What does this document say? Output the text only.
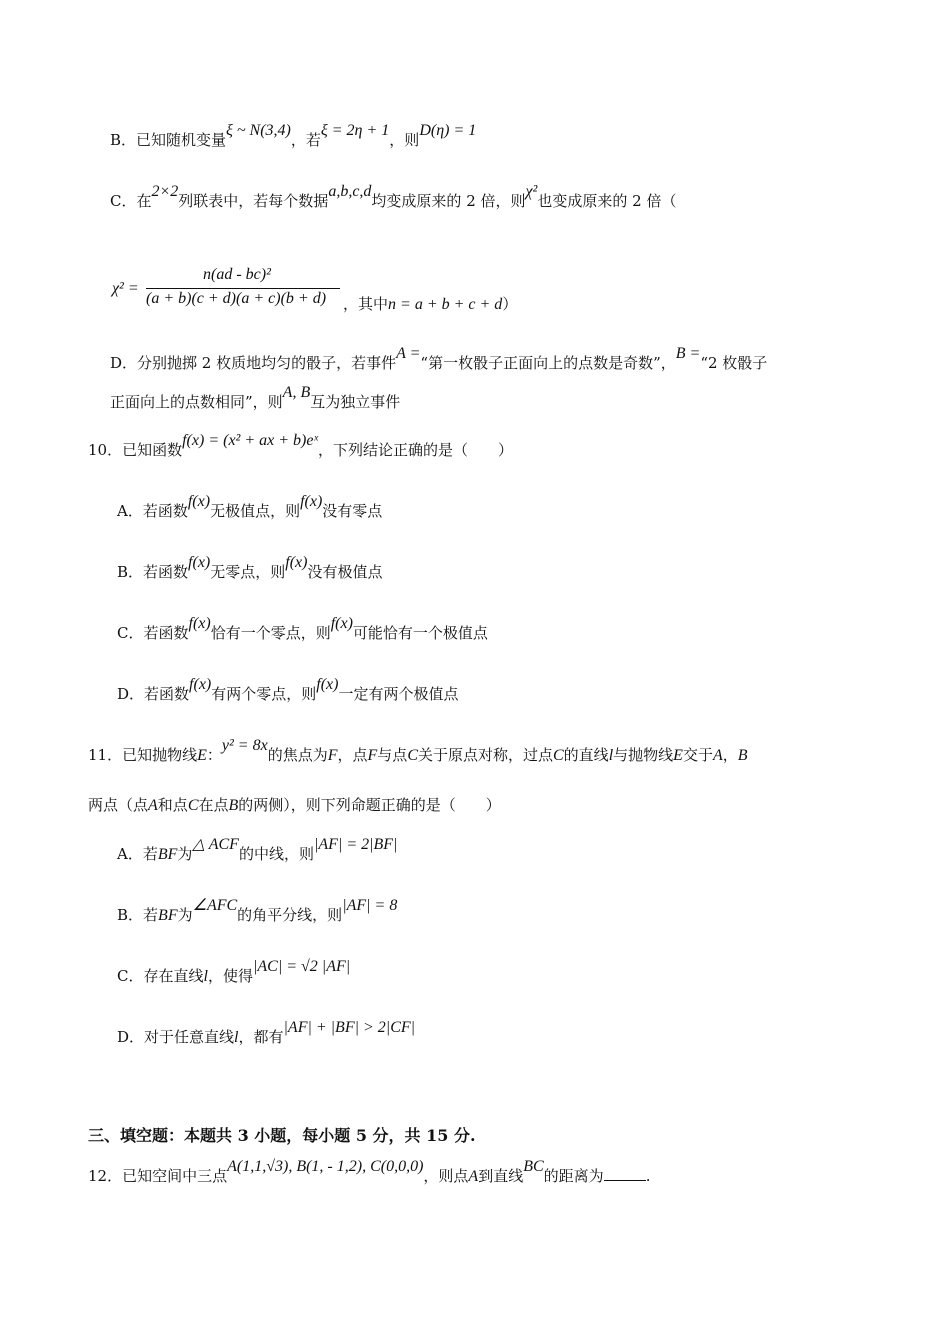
B．已知随机变量ξ ~ N(3,4)，若ξ = 2η + 1，则D(η) = 1
C．在2×2列联表中，若每个数据a,b,c,d均变成原来的 2 倍，则χ²也变成原来的 2 倍（
χ² =
n(ad - bc)²
(a + b)(c + d)(a + c)(b + d) ，其中n = a + b + c + d）
D．分别抛掷 2 枚质地均匀的骰子，若事件A =“第一枚骰子正面向上的点数是奇数”，B =“2 枚骰子
正面向上的点数相同”，则A, B互为独立事件
10．已知函数f(x) = (x² + ax + b)eˣ，下列结论正确的是（　　）
A．若函数f(x)无极值点，则f(x)没有零点
B．若函数f(x)无零点，则f(x)没有极值点
C．若函数f(x)恰有一个零点，则f(x)可能恰有一个极值点
D．若函数f(x)有两个零点，则f(x)一定有两个极值点
11．已知抛物线E：y² = 8x的焦点为F，点F与点C关于原点对称，过点C的直线l与抛物线E交于A，B
两点（点A和点C在点B的两侧），则下列命题正确的是（　　）
A．若BF为△ ACF的中线，则|AF| = 2|BF|
B．若BF为∠AFC的角平分线，则|AF| = 8
C．存在直线l，使得|AC| = √2 |AF|
D．对于任意直线l，都有|AF| + |BF| > 2|CF|
三、填空题：本题共 3 小题，每小题 5 分，共 15 分.
12．已知空间中三点A(1,1,√3), B(1, - 1,2), C(0,0,0)，则点A到直线BC的距离为	.
